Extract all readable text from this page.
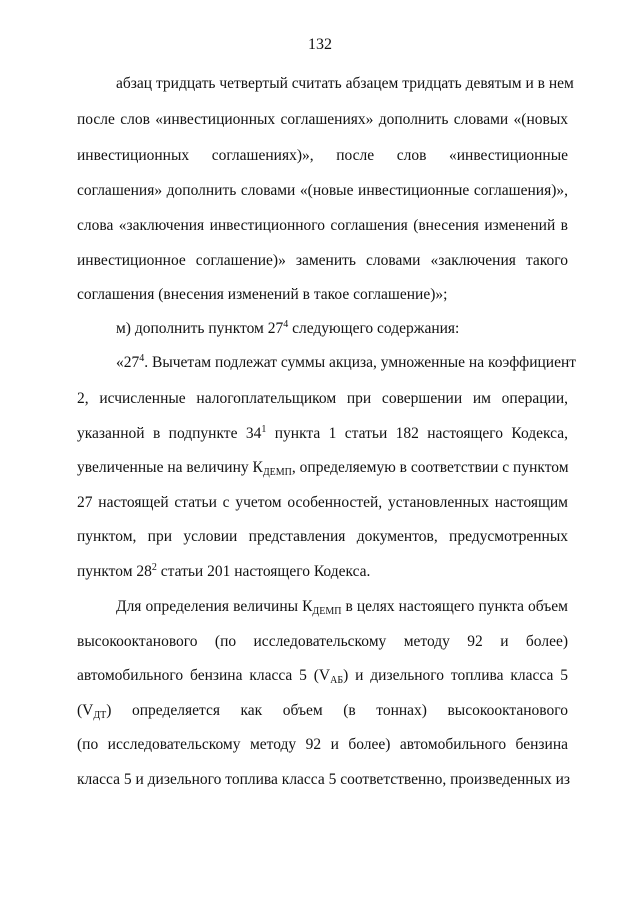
132
абзац тридцать четвертый считать абзацем тридцать девятым и в нем
после слов «инвестиционных соглашениях» дополнить словами «(новых
инвестиционных соглашениях)», после слов «инвестиционные
соглашения» дополнить словами «(новые инвестиционные соглашения)»,
слова «заключения инвестиционного соглашения (внесения изменений в
инвестиционное соглашение)» заменить словами «заключения такого
соглашения (внесения изменений в такое соглашение)»;
м) дополнить пунктом $27^4$ следующего содержания:
«$27^4$. Вычетам подлежат суммы акциза, умноженные на коэффициент
2, исчисленные налогоплательщиком при совершении им операции,
указанной в подпункте $34^1$ пункта 1 статьи 182 настоящего Кодекса,
увеличенные на величину $К_{ДЕМП}$, определяемую в соответствии с пунктом
27 настоящей статьи с учетом особенностей, установленных настоящим
пунктом, при условии представления документов, предусмотренных
пунктом $28^2$ статьи 201 настоящего Кодекса.
Для определения величины $К_{ДЕМП}$ в целях настоящего пункта объем
высокооктанового (по исследовательскому методу 92 и более)
автомобильного бензина класса 5 $(V_{АБ})$ и дизельного топлива класса 5
$(V_{ДТ})$ определяется как объем (в тоннах) высокооктанового
(по исследовательскому методу 92 и более) автомобильного бензина
класса 5 и дизельного топлива класса 5 соответственно, произведенных из
